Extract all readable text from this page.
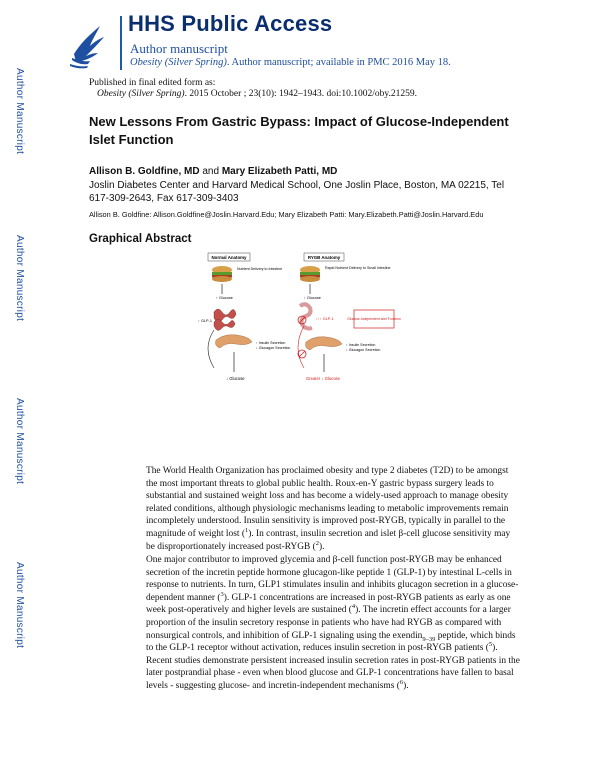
HHS Public Access
Author manuscript
Obesity (Silver Spring). Author manuscript; available in PMC 2016 May 18.
Author Manuscript
Author Manuscript
Author Manuscript
Author Manuscript
Published in final edited form as:
Obesity (Silver Spring). 2015 October ; 23(10): 1942–1943. doi:10.1002/oby.21259.
New Lessons From Gastric Bypass: Impact of Glucose-Independent Islet Function
Allison B. Goldfine, MD and Mary Elizabeth Patti, MD
Joslin Diabetes Center and Harvard Medical School, One Joslin Place, Boston, MA 02215, Tel 617-309-2643, Fax 617-309-3403
Allison B. Goldfine: Allison.Goldfine@Joslin.Harvard.Edu; Mary Elizabeth Patti: Mary.Elizabeth.Patti@Joslin.Harvard.Edu
Graphical Abstract
Normal Anatomy	RYGB Anatomy
Nutrient Delivery to Intestine	Rapid Nutrient Delivery to Small Intestine
↑ Glucose	↑ Glucose
↑ GLP-1	↑↑↑ GLP-1	Glucose-Independent Islet Function
↑ Insulin Secretion
↓ Glucagon Secretion
↑ Insulin Secretion
↓ Glucagon Secretion
↓ Glucose	Greater ↓ Glucose
The World Health Organization has proclaimed obesity and type 2 diabetes (T2D) to be amongst the most important threats to global public health. Roux-en-Y gastric bypass surgery leads to substantial and sustained weight loss and has become a widely-used approach to manage obesity related conditions, although physiologic mechanisms leading to metabolic improvements remain incompletely understood. Insulin sensitivity is improved post-RYGB, typically in parallel to the magnitude of weight lost ($^1$). In contrast, insulin secretion and islet β-cell glucose sensitivity may be disproportionately increased post-RYGB ($^2$).
One major contributor to improved glycemia and β-cell function post-RYGB may be enhanced secretion of the incretin peptide hormone glucagon-like peptide 1 (GLP-1) by intestinal L-cells in response to nutrients. In turn, GLP1 stimulates insulin and inhibits glucagon secretion in a glucose-dependent manner ($^3$). GLP-1 concentrations are increased in post-RYGB patients as early as one week post-operatively and higher levels are sustained ($^4$). The incretin effect accounts for a larger proportion of the insulin secretory response in patients who have had RYGB as compared with nonsurgical controls, and inhibition of GLP-1 signaling using the exendin$_{9-39}$ peptide, which binds to the GLP-1 receptor without activation, reduces insulin secretion in post-RYGB patients ($^5$). Recent studies demonstrate persistent increased insulin secretion rates in post-RYGB patients in the later postprandial phase - even when blood glucose and GLP-1 concentrations have fallen to basal levels - suggesting glucose- and incretin-independent mechanisms ($^6$).
